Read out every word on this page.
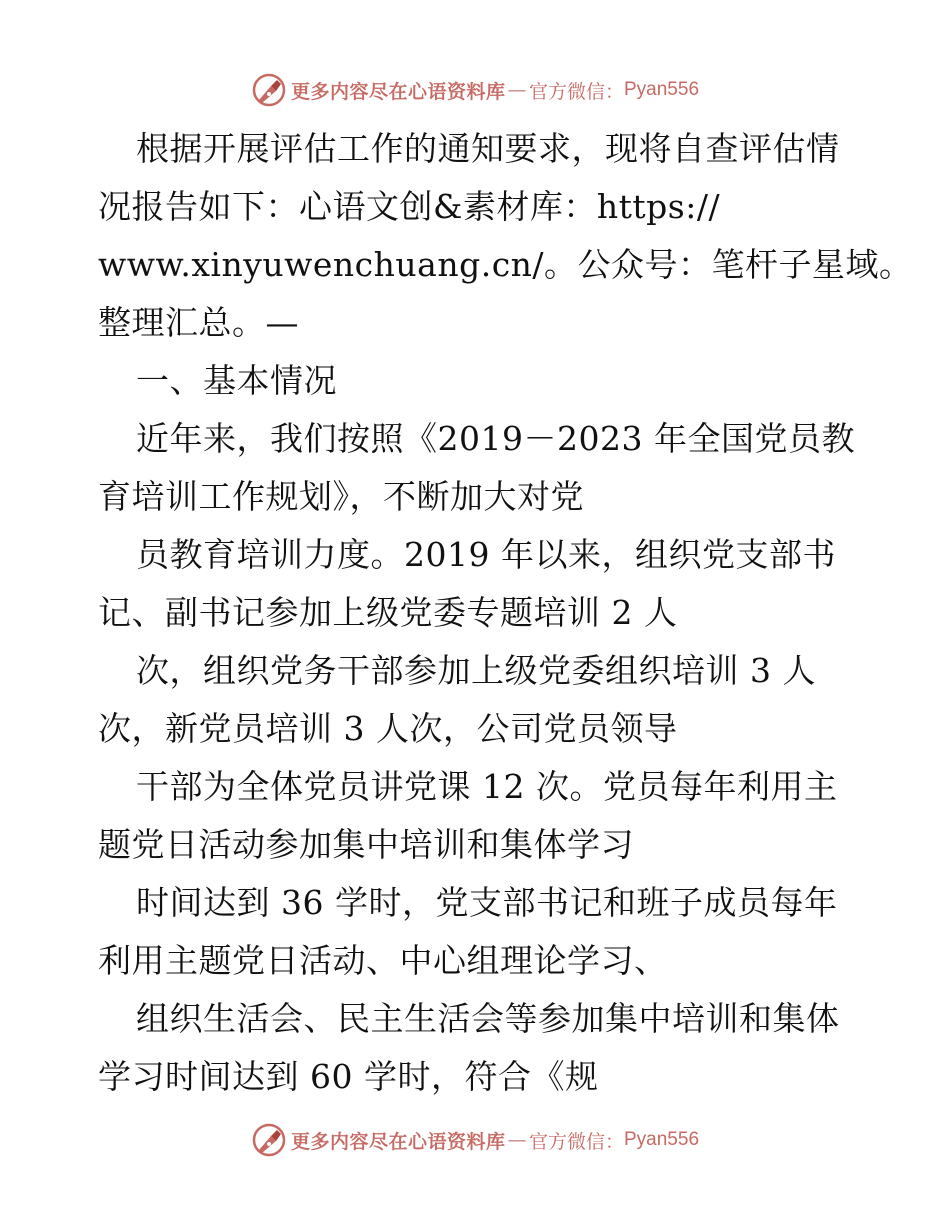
更多内容尽在心语资料库 — 官方微信： Pyan556
根据开展评估工作的通知要求，现将自查评估情
况报告如下：心语文创&素材库：https://
www.xinyuwenchuang.cn/。公众号：笔杆子星域。
整理汇总。—
一、基本情况
近年来，我们按照《2019－2023 年全国党员教
育培训工作规划》，不断加大对党
员教育培训力度。2019 年以来，组织党支部书
记、副书记参加上级党委专题培训 2 人
次，组织党务干部参加上级党委组织培训 3 人
次，新党员培训 3 人次，公司党员领导
干部为全体党员讲党课 12 次。党员每年利用主
题党日活动参加集中培训和集体学习
时间达到 36 学时，党支部书记和班子成员每年
利用主题党日活动、中心组理论学习、
组织生活会、民主生活会等参加集中培训和集体
学习时间达到 60 学时，符合《规
更多内容尽在心语资料库 — 官方微信： Pyan556
